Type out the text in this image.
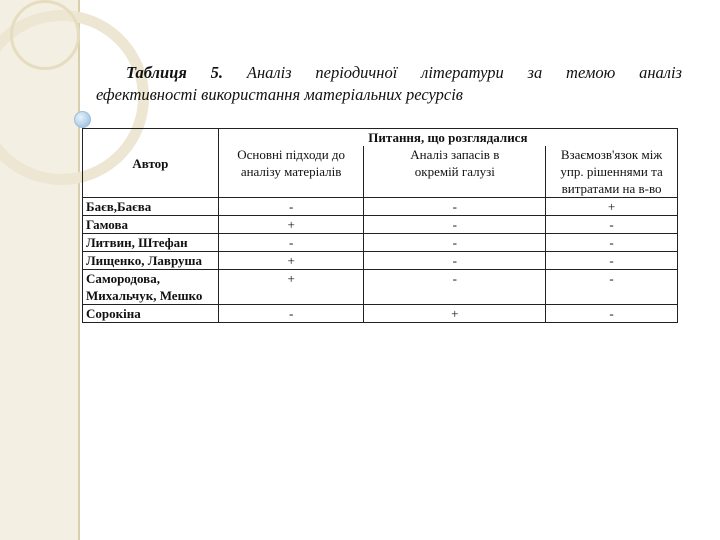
Таблиця 5. Аналіз періодичної літератури за темою аналіз
ефективності використання матеріальних ресурсів
Автор	Питання, що розглядалися		
	Основні підходи до аналізу матеріалів	Аналіз запасів в окремій галузі	Взаємозв'язок між упр. рішеннями та витратами на в-во
Баєв,Баєва	-	-	+
Гамова	+	-	-
Литвин, Штефан	-	-	-
Лищенко, Лавруша	+	-	-
Самородова, Михальчук, Мешко	+	-	-
Сорокіна	-	+	-
